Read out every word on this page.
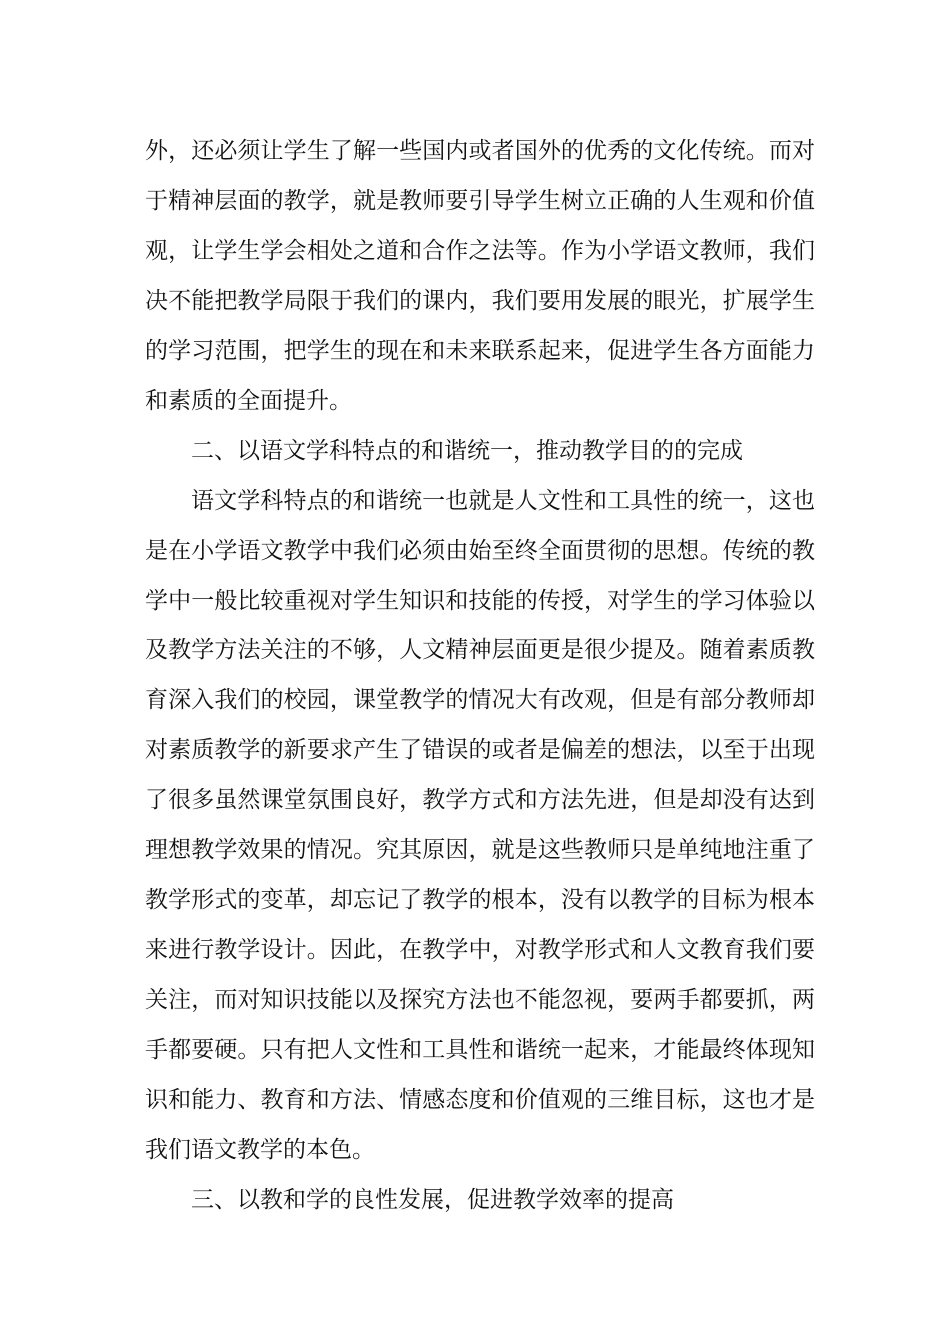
外，还必须让学生了解一些国内或者国外的优秀的文化传统。而对
于精神层面的教学，就是教师要引导学生树立正确的人生观和价值
观，让学生学会相处之道和合作之法等。作为小学语文教师，我们
决不能把教学局限于我们的课内，我们要用发展的眼光，扩展学生
的学习范围，把学生的现在和未来联系起来，促进学生各方面能力
和素质的全面提升。
二、以语文学科特点的和谐统一，推动教学目的的完成
语文学科特点的和谐统一也就是人文性和工具性的统一，这也
是在小学语文教学中我们必须由始至终全面贯彻的思想。传统的教
学中一般比较重视对学生知识和技能的传授，对学生的学习体验以
及教学方法关注的不够，人文精神层面更是很少提及。随着素质教
育深入我们的校园，课堂教学的情况大有改观，但是有部分教师却
对素质教学的新要求产生了错误的或者是偏差的想法，以至于出现
了很多虽然课堂氛围良好，教学方式和方法先进，但是却没有达到
理想教学效果的情况。究其原因，就是这些教师只是单纯地注重了
教学形式的变革，却忘记了教学的根本，没有以教学的目标为根本
来进行教学设计。因此，在教学中，对教学形式和人文教育我们要
关注，而对知识技能以及探究方法也不能忽视，要两手都要抓，两
手都要硬。只有把人文性和工具性和谐统一起来，才能最终体现知
识和能力、教育和方法、情感态度和价值观的三维目标，这也才是
我们语文教学的本色。
三、以教和学的良性发展，促进教学效率的提高
